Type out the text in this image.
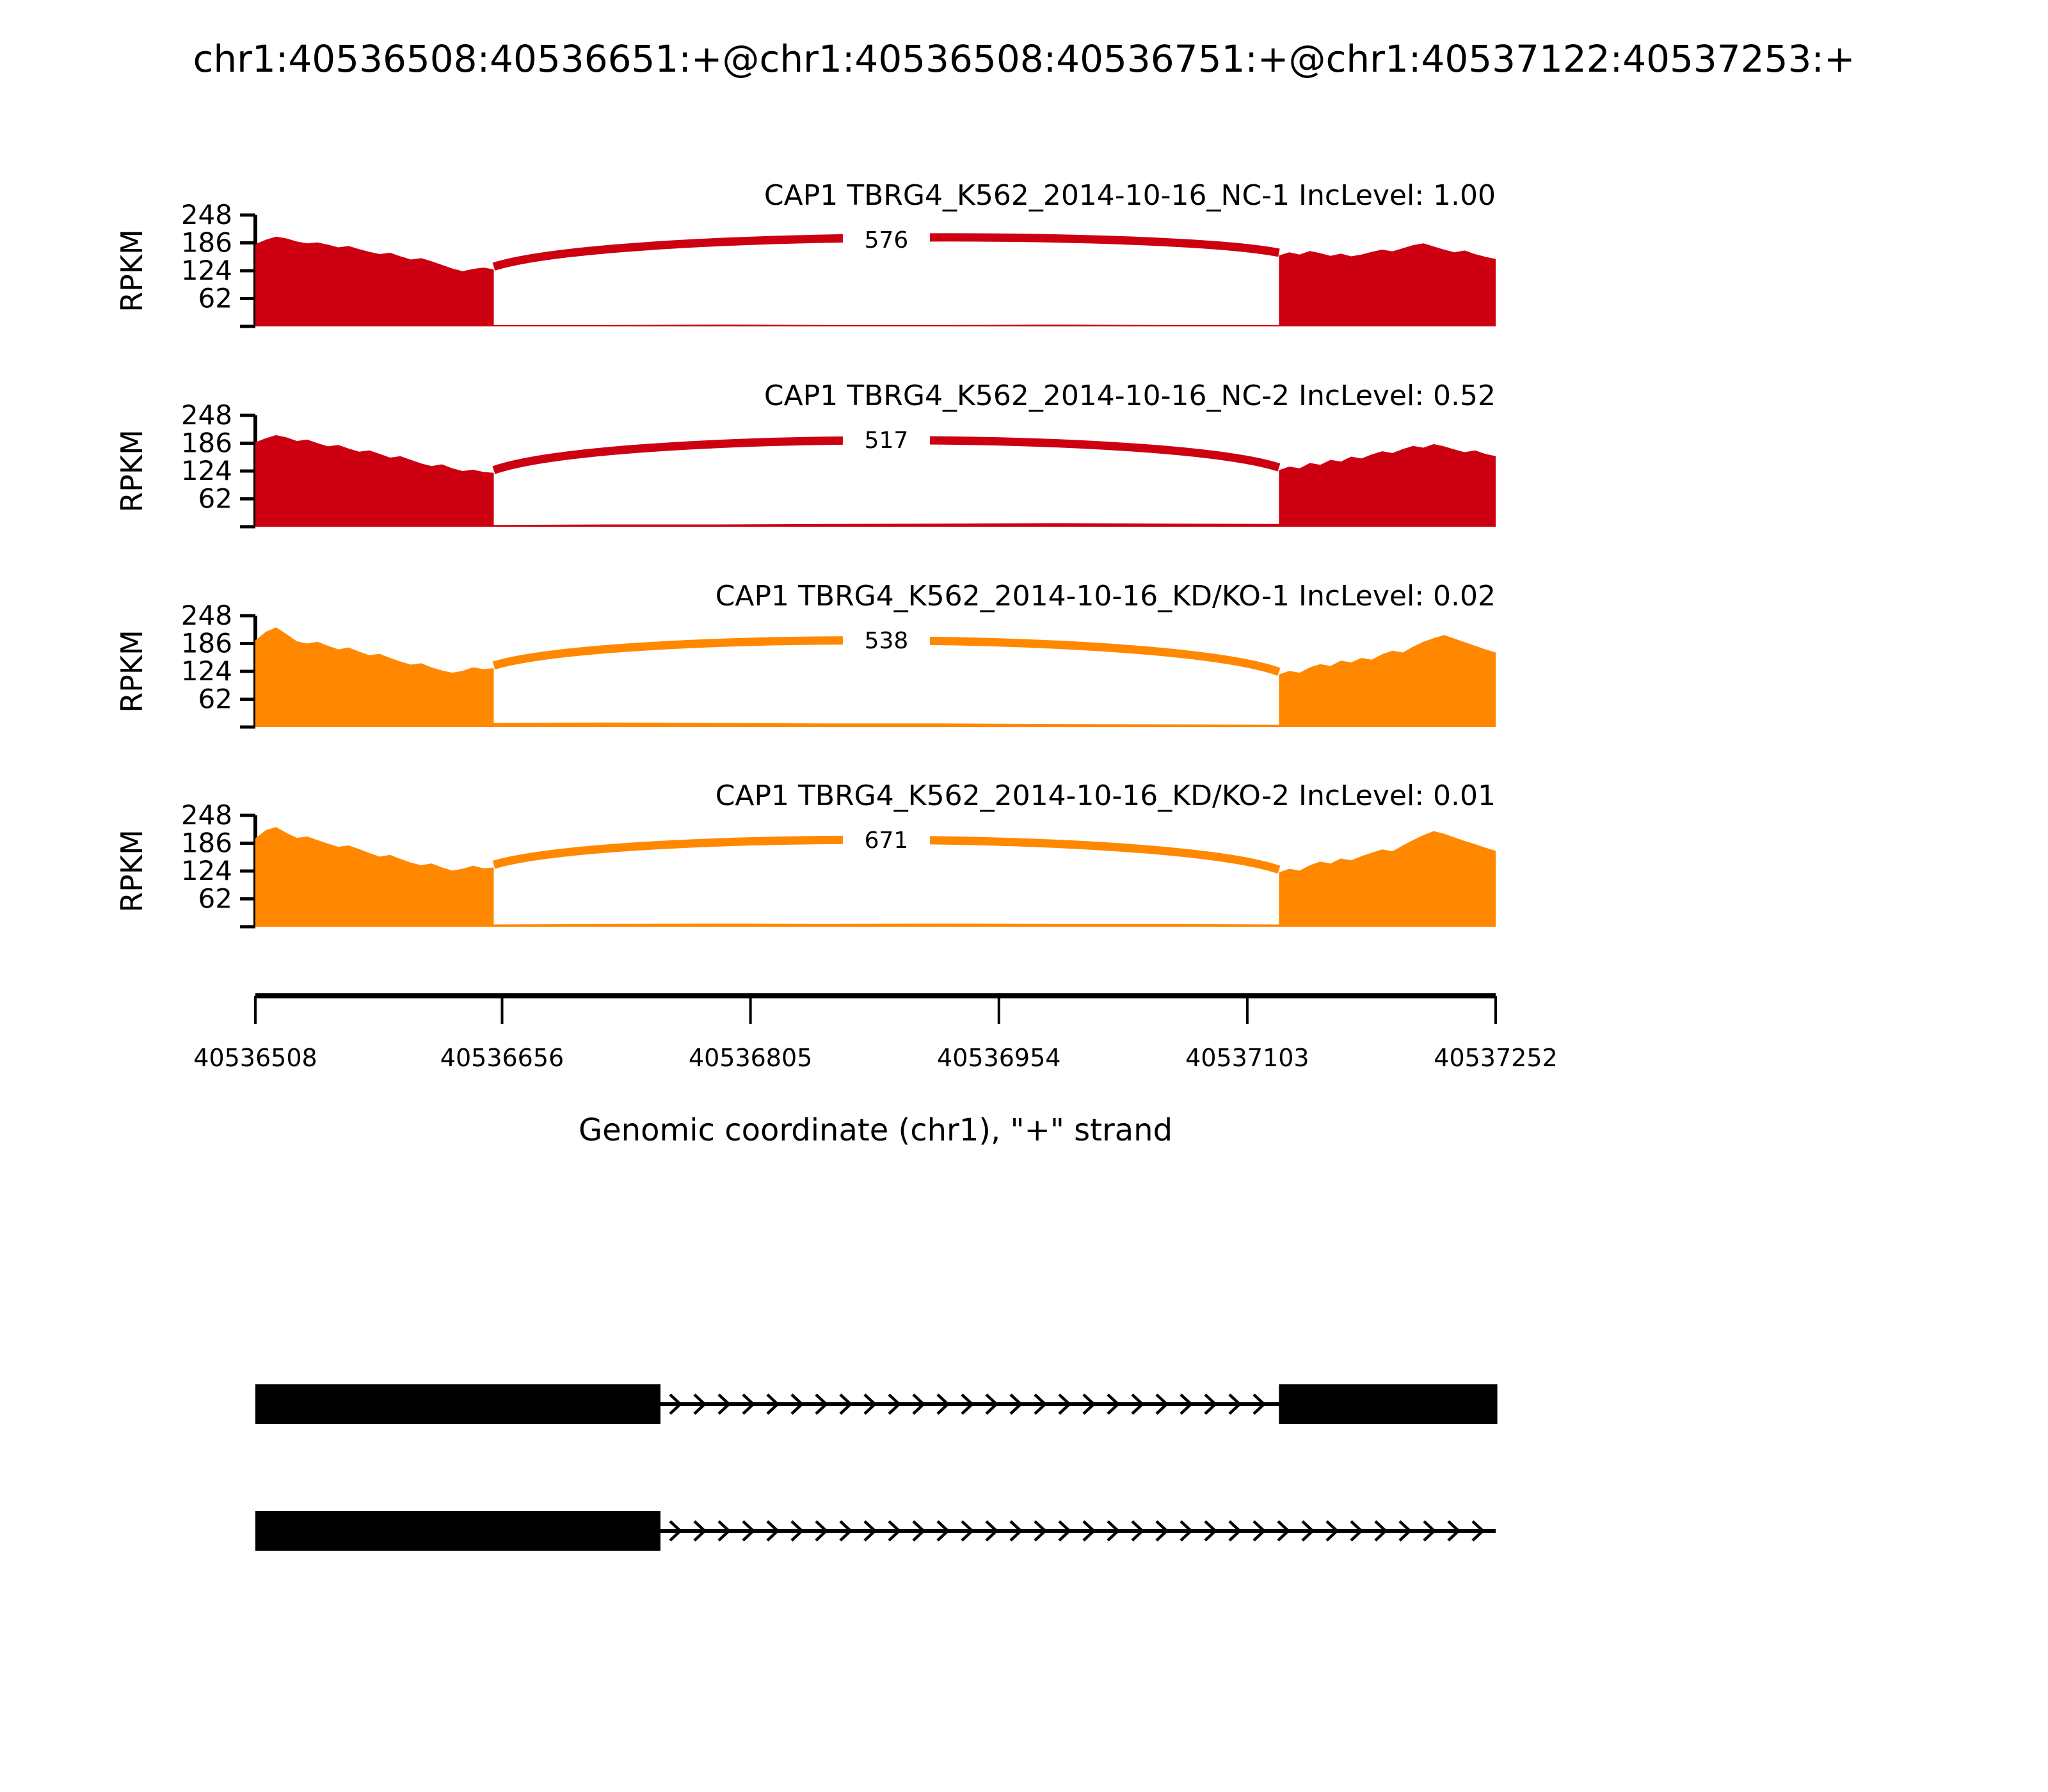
chr1:40536508:40536651:+@chr1:40536508:40536751:+@chr1:40537122:40537253:+
62
124
186
248
RPKM	576
CAP1 TBRG4_K562_2014-10-16_NC-1 IncLevel: 1.00
62
124
186
248
RPKM	517
CAP1 TBRG4_K562_2014-10-16_NC-2 IncLevel: 0.52
62
124
186
248
RPKM	538
CAP1 TBRG4_K562_2014-10-16_KD/KO-1 IncLevel: 0.02
62
124
186
248
RPKM	671
CAP1 TBRG4_K562_2014-10-16_KD/KO-2 IncLevel: 0.01
Genomic coordinate (chr1), "+" strand
40536508	40536656	40536805	40536954	40537103	40537252
